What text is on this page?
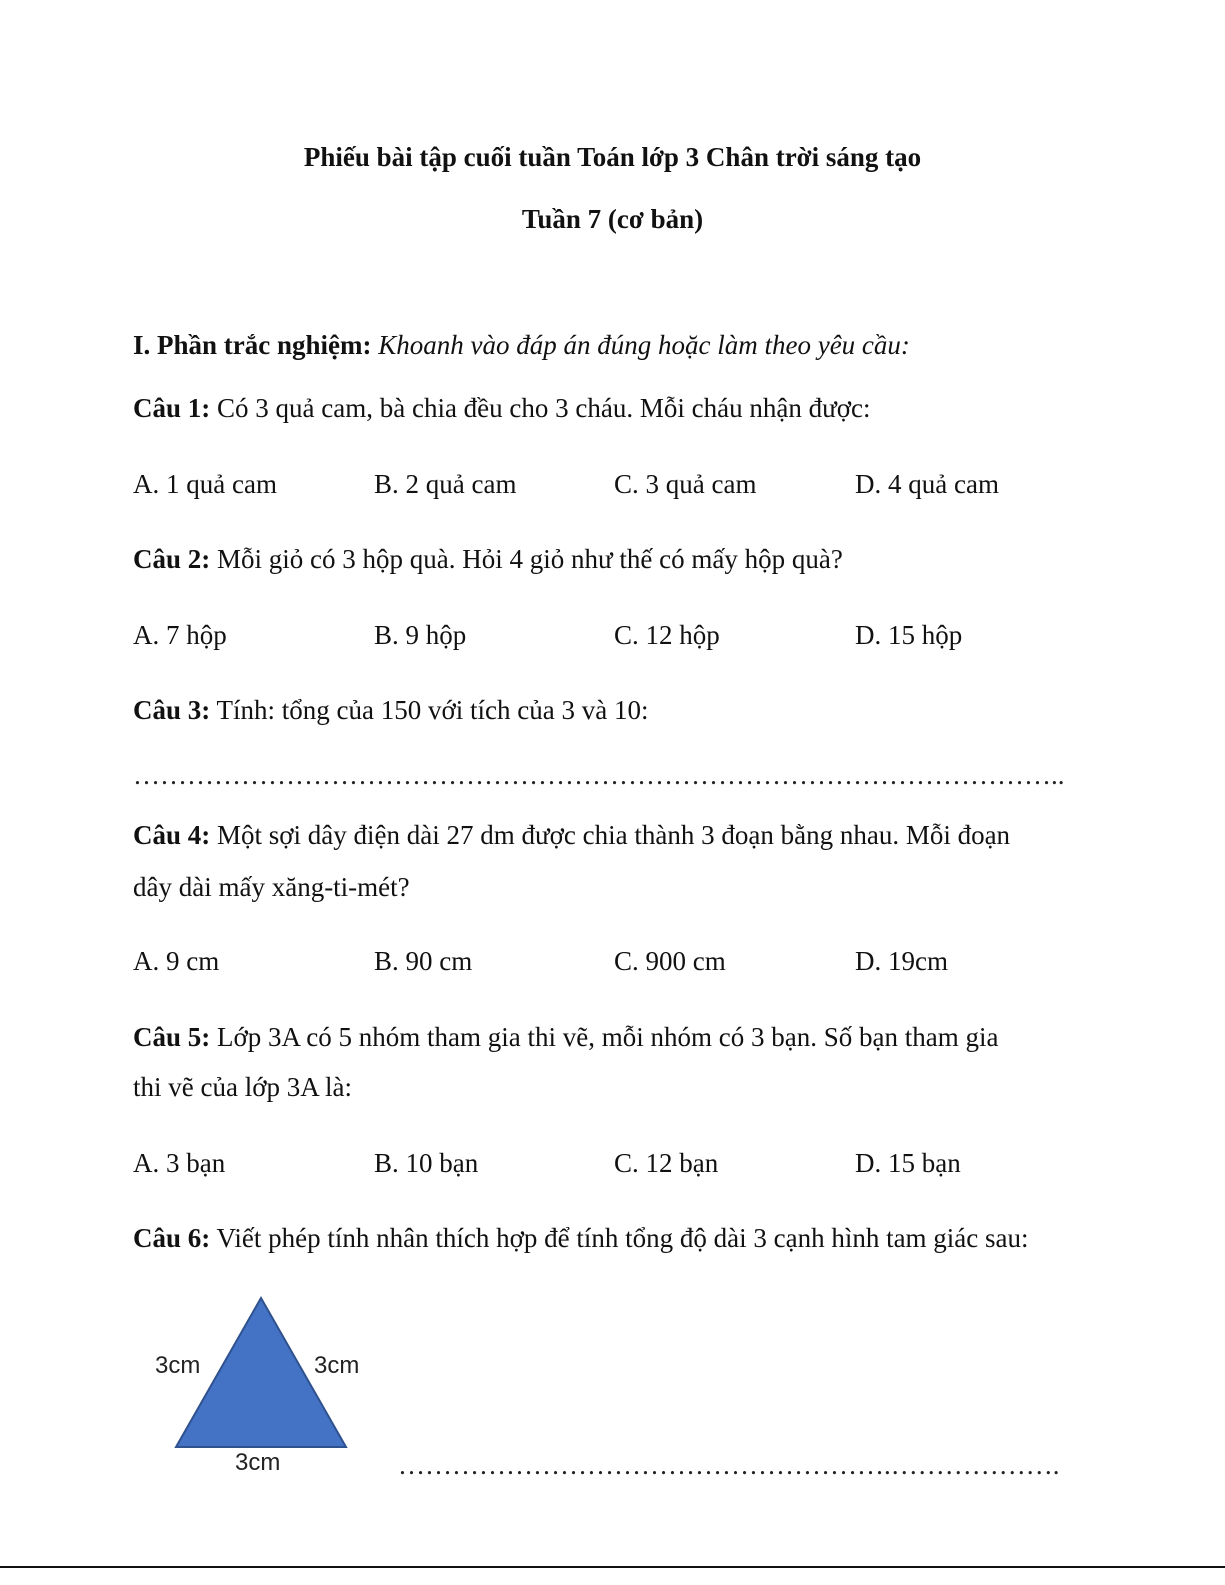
Phiếu bài tập cuối tuần Toán lớp 3 Chân trời sáng tạo
Tuần 7 (cơ bản)
I. Phần trắc nghiệm: Khoanh vào đáp án đúng hoặc làm theo yêu cầu:
Câu 1: Có 3 quả cam, bà chia đều cho 3 cháu. Mỗi cháu nhận được:
A. 1 quả cam	B. 2 quả cam	C. 3 quả cam	D. 4 quả cam
Câu 2: Mỗi giỏ có 3 hộp quà. Hỏi 4 giỏ như thế có mấy hộp quà?
A. 7 hộp	B. 9 hộp	C. 12 hộp	D. 15 hộp
Câu 3: Tính: tổng của 150 với tích của 3 và 10:
…………………………………………………………………………………………..
Câu 4: Một sợi dây điện dài 27 dm được chia thành 3 đoạn bằng nhau. Mỗi đoạn
dây dài mấy xăng-ti-mét?
A. 9 cm	B. 90 cm	C. 900 cm	D. 19cm
Câu 5: Lớp 3A có 5 nhóm tham gia thi vẽ, mỗi nhóm có 3 bạn. Số bạn tham gia
thi vẽ của lớp 3A là:
A. 3 bạn	B. 10 bạn	C. 12 bạn	D. 15 bạn
Câu 6: Viết phép tính nhân thích hợp để tính tổng độ dài 3 cạnh hình tam giác sau:
3cm	3cm
3cm	……………………………………………….……………….
